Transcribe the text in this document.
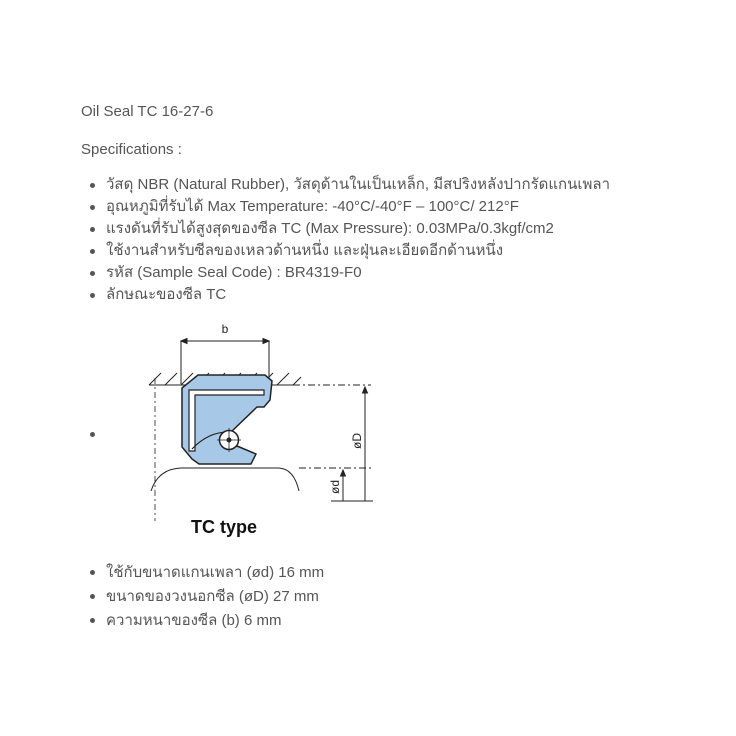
Oil Seal TC 16-27-6
Specifications :
วัสดุ NBR (Natural Rubber), วัสดุด้านในเป็นเหล็ก, มีสปริงหลังปากรัดแกนเพลา
อุณหภูมิที่รับได้ Max Temperature: -40°C/-40°F – 100°C/ 212°F
แรงดันที่รับได้สูงสุดของซีล TC (Max Pressure): 0.03MPa/0.3kgf/cm2
ใช้งานสำหรับซีลของเหลวด้านหนึ่ง และฝุ่นละเอียดอีกด้านหนึ่ง
รหัส (Sample Seal Code) : BR4319-F0
ลักษณะของซีล TC
b
øD
ød
TC type
ใช้กับขนาดแกนเพลา (ød) 16 mm
ขนาดของวงนอกซีล (øD) 27 mm
ความหนาของซีล (b) 6 mm
